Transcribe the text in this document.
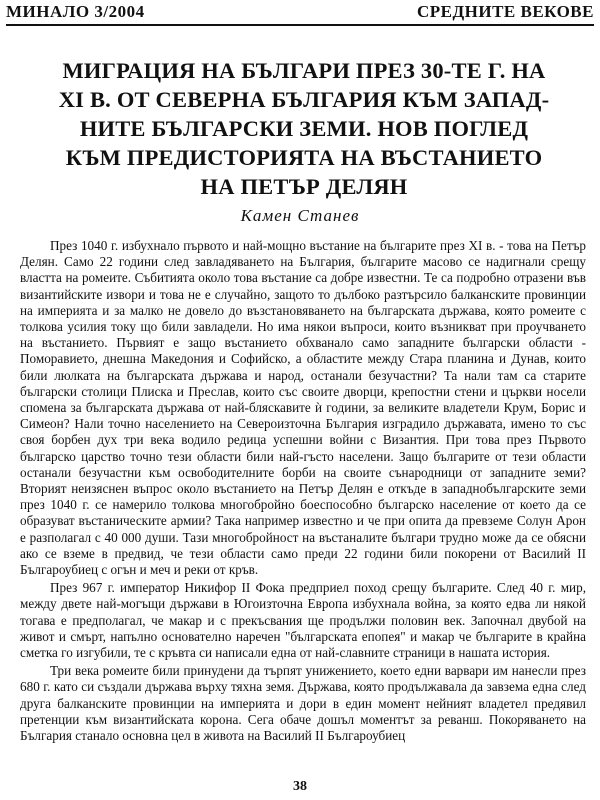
МИНАЛО 3/2004	СРЕДНИТЕ ВЕКОВЕ
МИГРАЦИЯ НА БЪЛГАРИ ПРЕЗ 30-ТЕ Г. НА
XI В. ОТ СЕВЕРНА БЪЛГАРИЯ КЪМ ЗАПАД-
НИТЕ БЪЛГАРСКИ ЗЕМИ. НОВ ПОГЛЕД
КЪМ ПРЕДИСТОРИЯТА НА ВЪСТАНИЕТО
НА ПЕТЪР ДЕЛЯН
Камен Станев

През 1040 г. избухнало първото и най-мощно въстание на българите през XI в. - това на Петър Делян. Само 22 години след завладяването на България, българите масово се надигнали срещу властта на ромеите. Събитията около това въстание са добре известни. Те са подробно отразени във византийските извори и това не е случайно, защото то дълбоко разтърсило балканските провинции на империята и за малко не довело до възстановяването на българската държава, която ромеите с толкова усилия току що били завладели. Но има някои въпроси, които възникват при проучването на въстанието. Първият е защо въстанието обхванало само западните български области - Поморавието, днешна Македония и Софийско, а областите между Стара планина и Дунав, които били люлката на българската държава и народ, останали безучастни? Та нали там са старите български столици Плиска и Преслав, които със своите дворци, крепостни стени и църкви носели спомена за българската държава от най-бляскавите ѝ години, за великите владетели Крум, Борис и Симеон? Нали точно населението на Североизточна България изградило държавата, имено то със своя борбен дух три века водило редица успешни войни с Византия. При това през Първото българско царство точно тези области били най-гъсто населени. Защо българите от тези области останали безучастни към освободителните борби на своите сънародници от западните земи? Вторият неизяснен въпрос около въстанието на Петър Делян е откъде в западнобългарските земи през 1040 г. се намерило толкова многобройно боеспособно българско население от което да се образуват въстаническите армии? Така например известно и че при опита да превземе Солун Арон е разполагал с 40 000 души. Тази многобройност на въстаналите българи трудно може да се обясни ако се вземе в предвид, че тези области само преди 22 години били покорени от Василий II Българоубиец с огън и меч и реки от кръв.

През 967 г. император Никифор II Фока предприел поход срещу българите. След 40 г. мир, между двете най-могъщи държави в Югоизточна Европа избухнала война, за която едва ли някой тогава е предполагал, че макар и с прекъсвания ще продължи половин век. Започнал двубой на живот и смърт, напълно основателно наречен "българската епопея" и макар че българите в крайна сметка го изгубили, те с кръвта си написали една от най-славните страници в нашата история.

Три века ромеите били принудени да търпят унижението, което едни варвари им нанесли през 680 г. като си създали държава върху тяхна земя. Държава, която продължавала да завзема една след друга балканските провинции на империята и дори в един момент нейният владетел предявил претенции към византийската корона. Сега обаче дошъл моментът за реванш. Покоряването на България станало основна цел в живота на Василий II Българоубиец

38
